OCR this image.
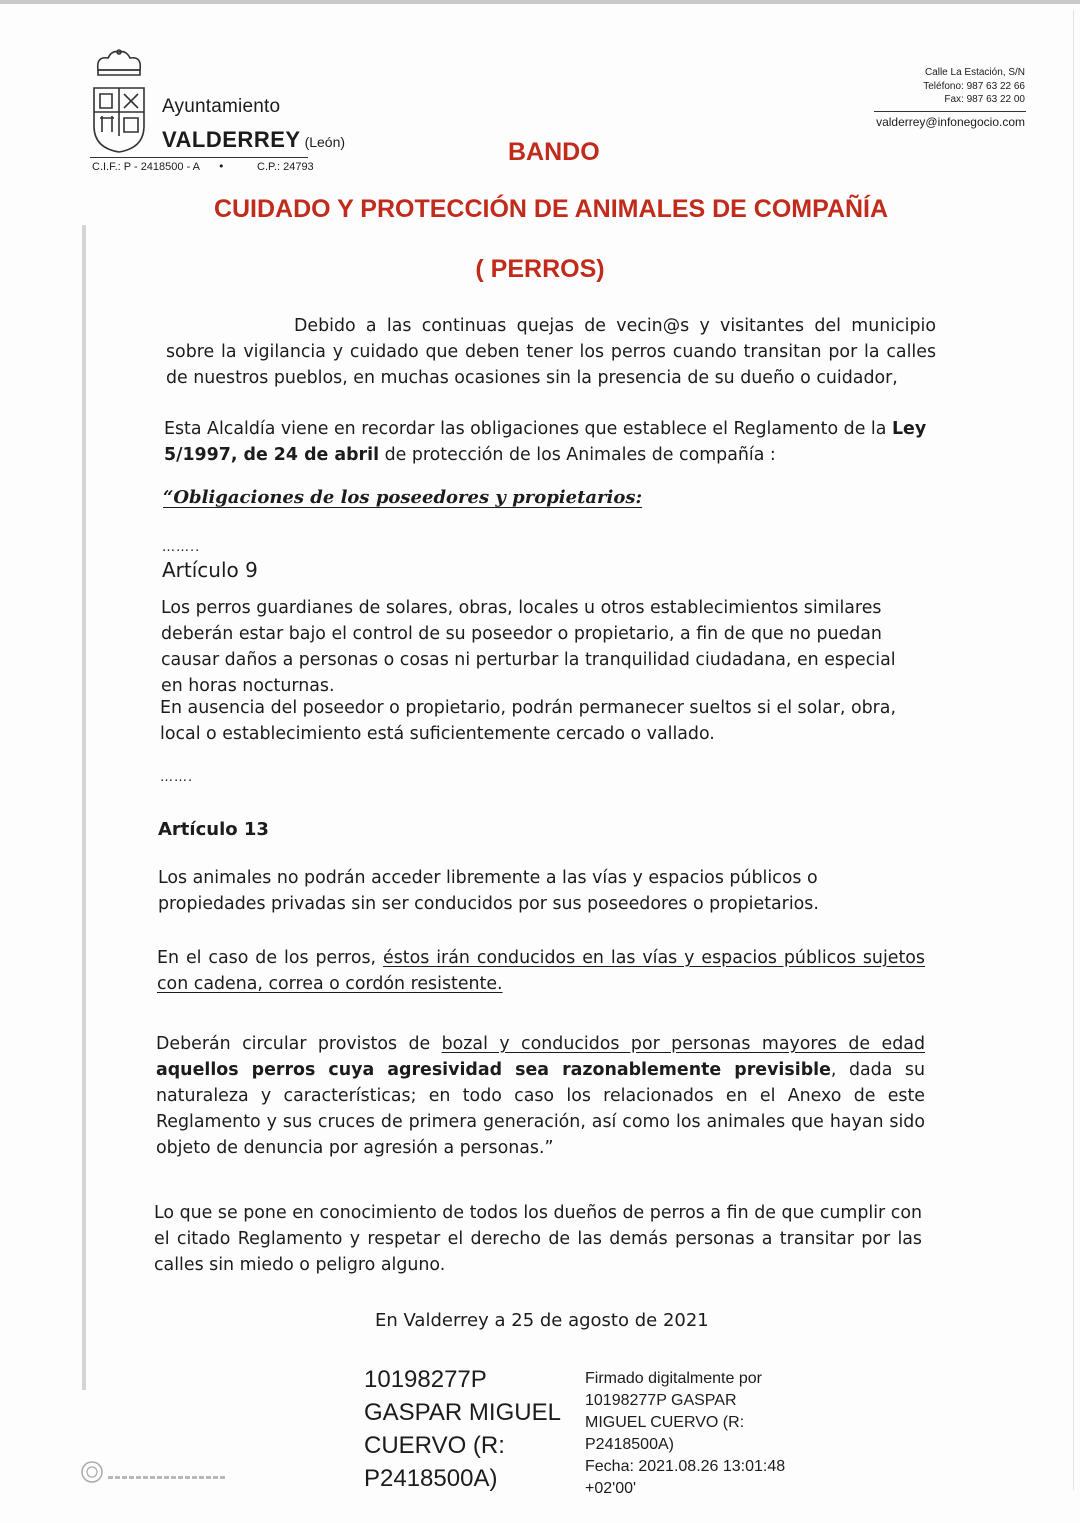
Ayuntamiento
VALDERREY (León)
C.I.F.: P - 2418500 - A •	C.P.: 24793
Calle La Estación, S/N
Teléfono: 987 63 22 66
Fax: 987 63 22 00
valderrey@infonegocio.com
BANDO
CUIDADO Y PROTECCIÓN DE ANIMALES DE COMPAÑÍA
( PERROS)
Debido a las continuas quejas de vecin@s y visitantes del municipio sobre la vigilancia y cuidado que deben tener los perros cuando transitan por la calles de nuestros pueblos, en muchas ocasiones sin la presencia de su dueño o cuidador,
Esta Alcaldía viene en recordar las obligaciones que establece el Reglamento de la Ley 5/1997, de 24 de abril de protección de los Animales de compañía :
“Obligaciones de los poseedores y propietarios:
……..
Artículo 9
Los perros guardianes de solares, obras, locales u otros establecimientos similares deberán estar bajo el control de su poseedor o propietario, a fin de que no puedan causar daños a personas o cosas ni perturbar la tranquilidad ciudadana, en especial en horas nocturnas.
En ausencia del poseedor o propietario, podrán permanecer sueltos si el solar, obra, local o establecimiento está suficientemente cercado o vallado.
…….
Artículo 13
Los animales no podrán acceder libremente a las vías y espacios públicos o propiedades privadas sin ser conducidos por sus poseedores o propietarios.
En el caso de los perros, éstos irán conducidos en las vías y espacios públicos sujetos con cadena, correa o cordón resistente.
Deberán circular provistos de bozal y conducidos por personas mayores de edad aquellos perros cuya agresividad sea razonablemente previsible, dada su naturaleza y características; en todo caso los relacionados en el Anexo de este Reglamento y sus cruces de primera generación, así como los animales que hayan sido objeto de denuncia por agresión a personas.”
Lo que se pone en conocimiento de todos los dueños de perros a fin de que cumplir con el citado Reglamento y respetar el derecho de las demás personas a transitar por las calles sin miedo o peligro alguno.
En Valderrey a 25 de agosto de 2021
10198277P
GASPAR MIGUEL
CUERVO (R:
P2418500A)
Firmado digitalmente por
10198277P GASPAR
MIGUEL CUERVO (R:
P2418500A)
Fecha: 2021.08.26 13:01:48
+02'00'
